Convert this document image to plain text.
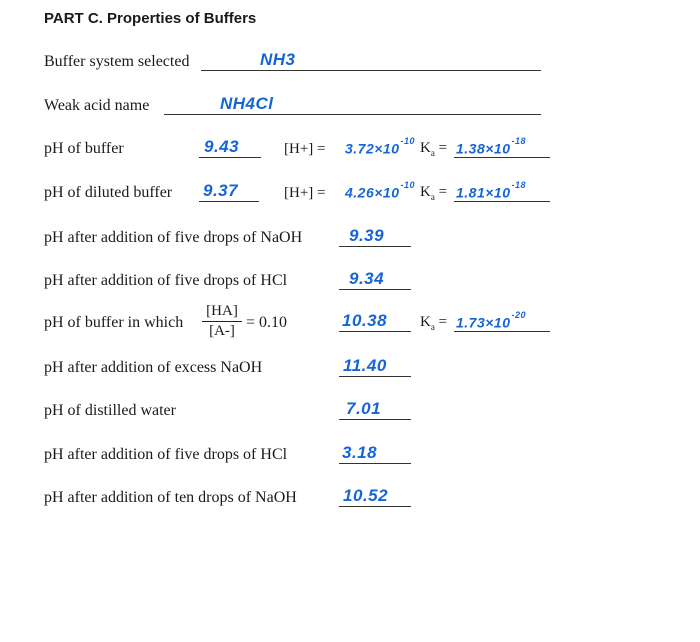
PART C. Properties of Buffers
Buffer system selected	NH3
Weak acid name	NH4Cl
pH of buffer	9.43	$[H+] = 3.72\times 10^{-10}$ $K_a = 1.38\times 10^{-18}$
pH of diluted buffer 9.37	$[H+] = 4.26\times 10^{-10}$ $K_a = 1.81\times 10^{-18}$
pH after addition of five drops of NaOH	9.39
pH after addition of five drops of HCl	9.34
pH of buffer in which $\frac{[HA]}{[A-]} = 0.10$	10.38 $K_a = 1.73\times 10^{-20}$
pH after addition of excess NaOH	11.40
pH of distilled water	7.01
pH after addition of five drops of HCl	3.18
pH after addition of ten drops of NaOH	10.52
